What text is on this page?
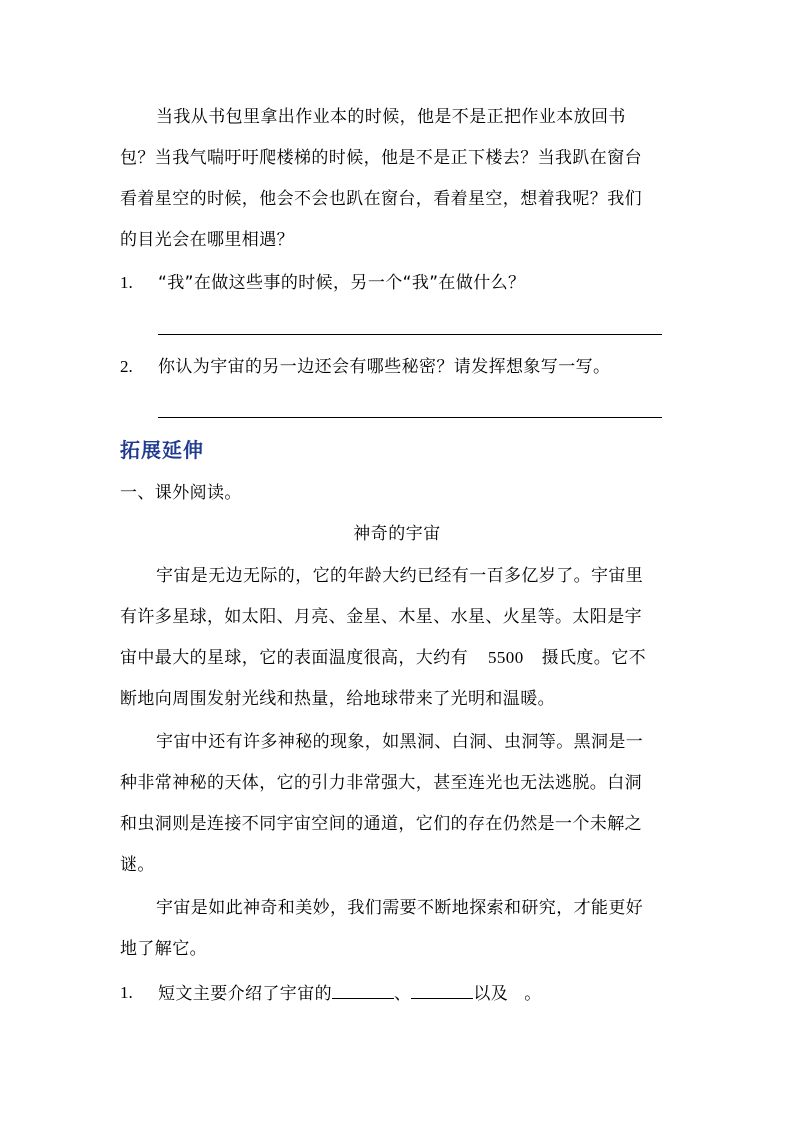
当我从书包里拿出作业本的时候，他是不是正把作业本放回书
包？当我气喘吁吁爬楼梯的时候，他是不是正下楼去？当我趴在窗台
看着星空的时候，他会不会也趴在窗台，看着星空，想着我呢？我们
的目光会在哪里相遇？
1. “我”在做这些事的时候，另一个“我”在做什么？
2. 你认为宇宙的另一边还会有哪些秘密？请发挥想象写一写。
拓展延伸
一、课外阅读。
神奇的宇宙
宇宙是无边无际的，它的年龄大约已经有一百多亿岁了。宇宙里
有许多星球，如太阳、月亮、金星、木星、水星、火星等。太阳是宇
宙中最大的星球，它的表面温度很高，大约有 5500 摄氏度。它不
断地向周围发射光线和热量，给地球带来了光明和温暖。
宇宙中还有许多神秘的现象，如黑洞、白洞、虫洞等。黑洞是一
种非常神秘的天体，它的引力非常强大，甚至连光也无法逃脱。白洞
和虫洞则是连接不同宇宙空间的通道，它们的存在仍然是一个未解之
谜。
宇宙是如此神奇和美妙，我们需要不断地探索和研究，才能更好
地了解它。
1. 短文主要介绍了宇宙的	、	以及 。
